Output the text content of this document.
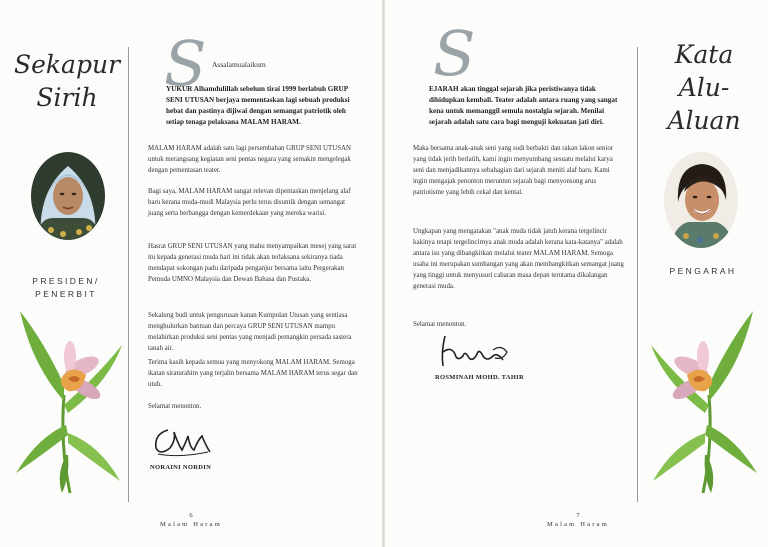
Sekapur
Sirih
PRESIDEN/
PENERBIT
S Assalamualaikum

YUKUR Alhamdulillah sebelum tirai 1999 berlabuh GRUP SENI UTUSAN berjaya mementaskan lagi sebuah produksi hebat dan pastinya dijiwai dengan semangat patriotik oleh setiap tenaga pelaksana MALAM HARAM.

MALAM HARAM adalah satu lagi persembahan GRUP SENI UTUSAN untuk merangsang kegiatan seni pentas negara yang semakin mengelegak dengan pementasan teater.

Bagi saya, MALAM HARAM sangat relevan dipentaskan menjelang alaf baru kerana muda-mudi Malaysia perlu terus disuntik dengan semangat juang serta berbangga dengan kemerdekaan yang mereka warisi.

Hasrat GRUP SENI UTUSAN yang mahu menyampaikan mesej yang sarat itu kepada generasi muda hari ini tidak akan terlaksana sekiranya tiada mendapat sokongan padu daripada penganjur bersama iaitu Pergerakan Pemuda UMNO Malaysia dan Dewan Bahasa dan Pustaka.

Sekalung budi untuk pengurusan kanan Kumpulan Utusan yang sentiasa menghulurkan bantuan dan percaya GRUP SENI UTUSAN mampu melahirkan produksi seni pentas yang menjadi pemangkin persada sastera tanah air.

Terima kasih kepada semua yang menyokong MALAM HARAM. Semoga ikatan siraturahim yang terjalin bersama MALAM HARAM terus segar dan utuh.

Selamat menonton.

NORAINI NORDIN
6
Malam Haram
S

EJARAH akan tinggal sejarah jika peristiwanya tidak dihidupkan kembali. Teater adalah antara ruang yang sangat kena untuk memanggil semula nostalgia sejarah. Menilai sejarah adalah satu cara bagi menguji kekuatan jati diri.

Maka bersama anak-anak seni yang sudi berbakti dan rakan lakon senior yang tidak jerih berlatih, kami ingin menyumbang sesuatu melalui karya seni dan menjadikannya sebahagian dari sejarah meniti alaf baru. Kami ingin mengajak penonton meruntun sejarah bagi menyonsong arus patriotisme yang lebih cekal dan kental.

Ungkapan yang mengatakan "anak muda tidak jatuh kerana tergelincir kakinya tetapi tergelincirnya anak muda adalah kerana kata-katanya" adalah antara isu yang dibangkitkan melalui teater MALAM HARAM. Semoga usaha ini merupakan sumbangan yang akan membangkitkan semangat juang yang tinggi untuk menyusuri cabaran masa depan terutama dikalangan generasi muda.

Selamat menonton.

ROSMINAH MOHD. TAHIR
Kata
Alu-
Aluan
PENGARAH
7
Malam Haram
